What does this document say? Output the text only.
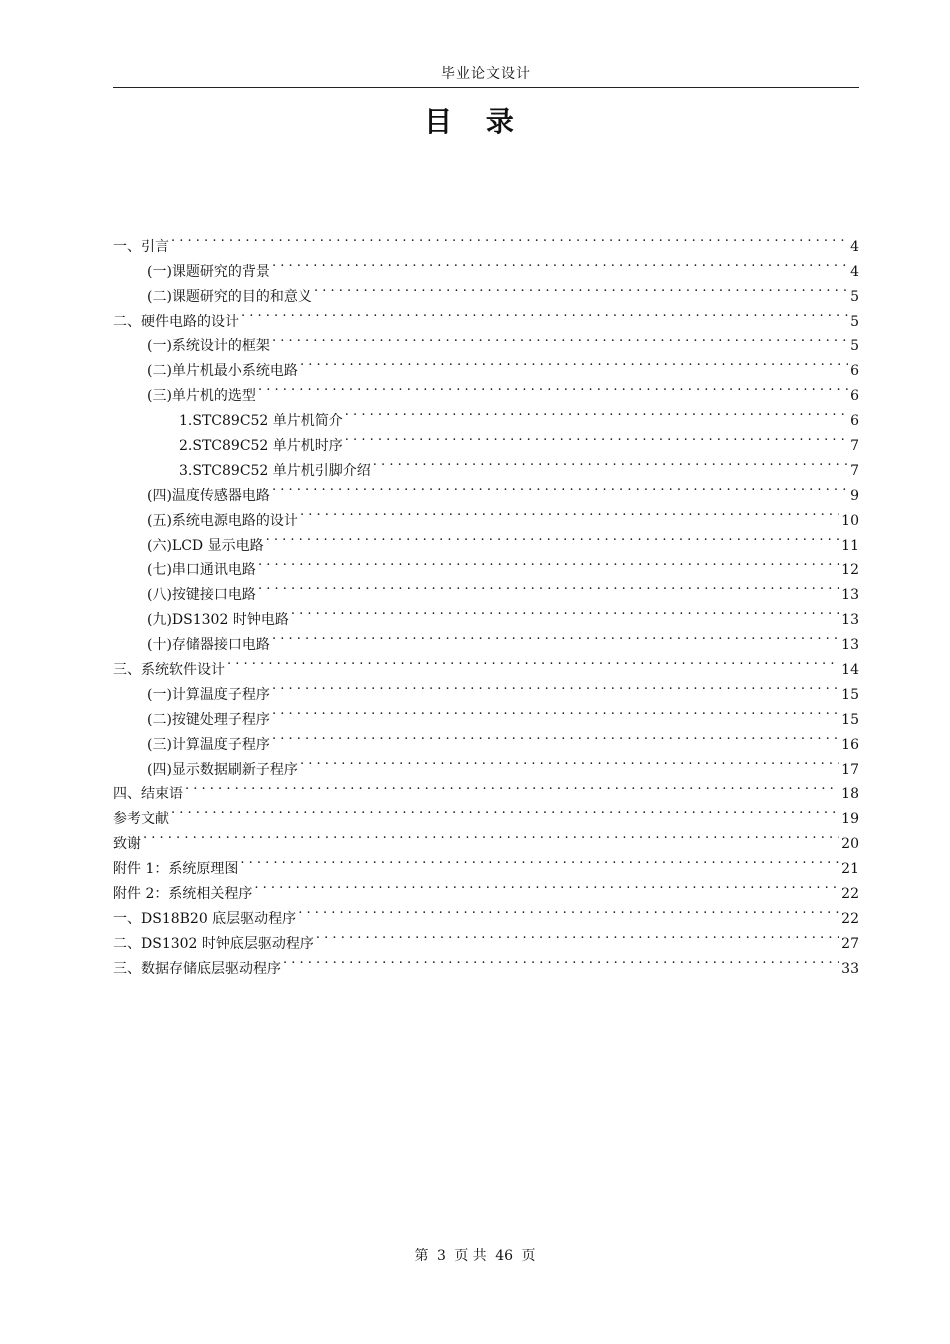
毕业论文设计
目 录
一、引言 . . .	4
(一)课题研究的背景 . . .	4
(二)课题研究的目的和意义 . . .	5
二、硬件电路的设计 . . .	5
(一)系统设计的框架 . . .	5
(二)单片机最小系统电路 . . .	6
(三)单片机的选型 . . .	6
1.STC89C52 单片机简介 . . .	6
2.STC89C52 单片机时序 . . .	7
3.STC89C52 单片机引脚介绍 . . .	7
(四)温度传感器电路 . . .	9
(五)系统电源电路的设计 . . .	10
(六)LCD 显示电路 . . .	11
(七)串口通讯电路 . . .	12
(八)按键接口电路 . . .	13
(九)DS1302 时钟电路 . . .	13
(十)存储器接口电路 . . .	13
三、系统软件设计 . . .	14
(一)计算温度子程序 . . .	15
(二)按键处理子程序 . . .	15
(三)计算温度子程序 . . .	16
(四)显示数据刷新子程序 . . .	17
四、结束语 . . .	18
参考文献 . . .	19
致谢 . . .	20
附件 1：系统原理图 . . .	21
附件 2：系统相关程序 . . .	22
一、DS18B20 底层驱动程序 . . .	22
二、DS1302 时钟底层驱动程序 . . .	27
三、数据存储底层驱动程序 . . .	33
第 3 页 共 46 页
